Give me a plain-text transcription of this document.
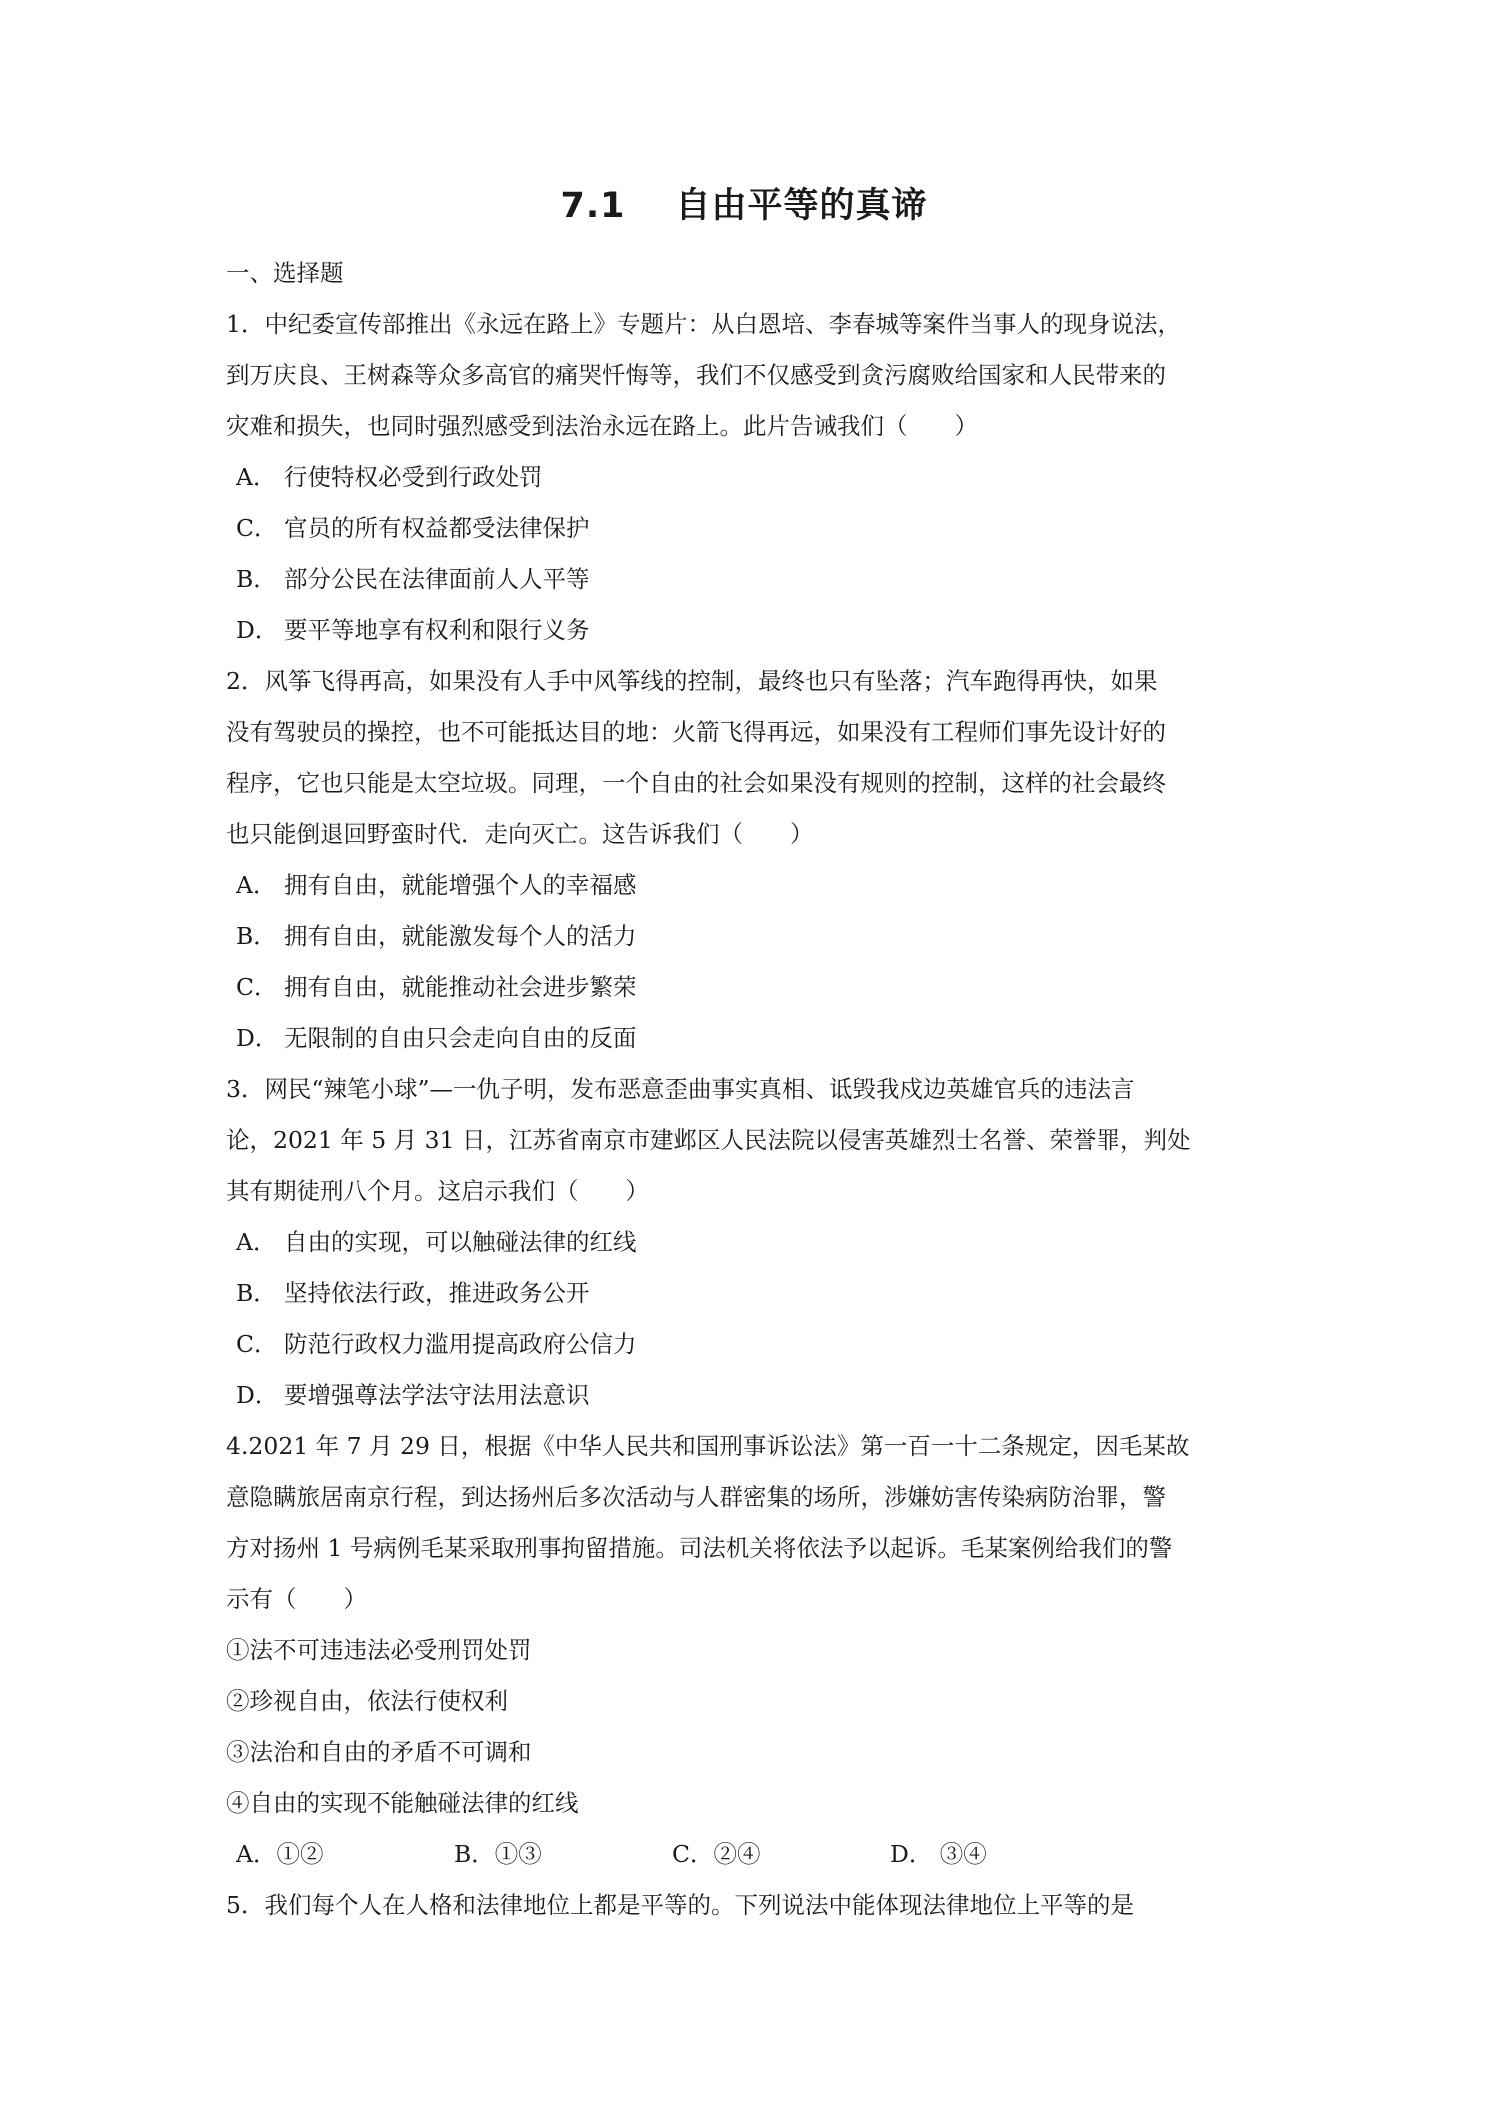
7.1 自由平等的真谛
一、选择题
1．中纪委宣传部推出《永远在路上》专题片：从白恩培、李春城等案件当事人的现身说法，
到万庆良、王树森等众多高官的痛哭忏悔等，我们不仅感受到贪污腐败给国家和人民带来的
灾难和损失，也同时强烈感受到法治永远在路上。此片告诫我们（　　）
A． 行使特权必受到行政处罚
C． 官员的所有权益都受法律保护
B． 部分公民在法律面前人人平等
D． 要平等地享有权利和限行义务
2．风筝飞得再高，如果没有人手中风筝线的控制，最终也只有坠落；汽车跑得再快，如果
没有驾驶员的操控，也不可能抵达目的地：火箭飞得再远，如果没有工程师们事先设计好的
程序，它也只能是太空垃圾。同理，一个自由的社会如果没有规则的控制，这样的社会最终
也只能倒退回野蛮时代．走向灭亡。这告诉我们（　　）
A． 拥有自由，就能增强个人的幸福感
B． 拥有自由，就能激发每个人的活力
C． 拥有自由，就能推动社会进步繁荣
D． 无限制的自由只会走向自由的反面
3．网民“辣笔小球”—一仇子明，发布恶意歪曲事实真相、诋毁我戍边英雄官兵的违法言
论，2021 年 5 月 31 日，江苏省南京市建邺区人民法院以侵害英雄烈士名誉、荣誉罪，判处
其有期徒刑八个月。这启示我们（　　）
A． 自由的实现，可以触碰法律的红线
B． 坚持依法行政，推进政务公开
C． 防范行政权力滥用提高政府公信力
D． 要增强尊法学法守法用法意识
4.2021 年 7 月 29 日，根据《中华人民共和国刑事诉讼法》第一百一十二条规定，因毛某故
意隐瞒旅居南京行程，到达扬州后多次活动与人群密集的场所，涉嫌妨害传染病防治罪，警
方对扬州 1 号病例毛某采取刑事拘留措施。司法机关将依法予以起诉。毛某案例给我们的警
示有（　　）
①法不可违违法必受刑罚处罚
②珍视自由，依法行使权利
③法治和自由的矛盾不可调和
④自由的实现不能触碰法律的红线
A．①②	B．①③	C．②④	D． ③④
5．我们每个人在人格和法律地位上都是平等的。下列说法中能体现法律地位上平等的是
